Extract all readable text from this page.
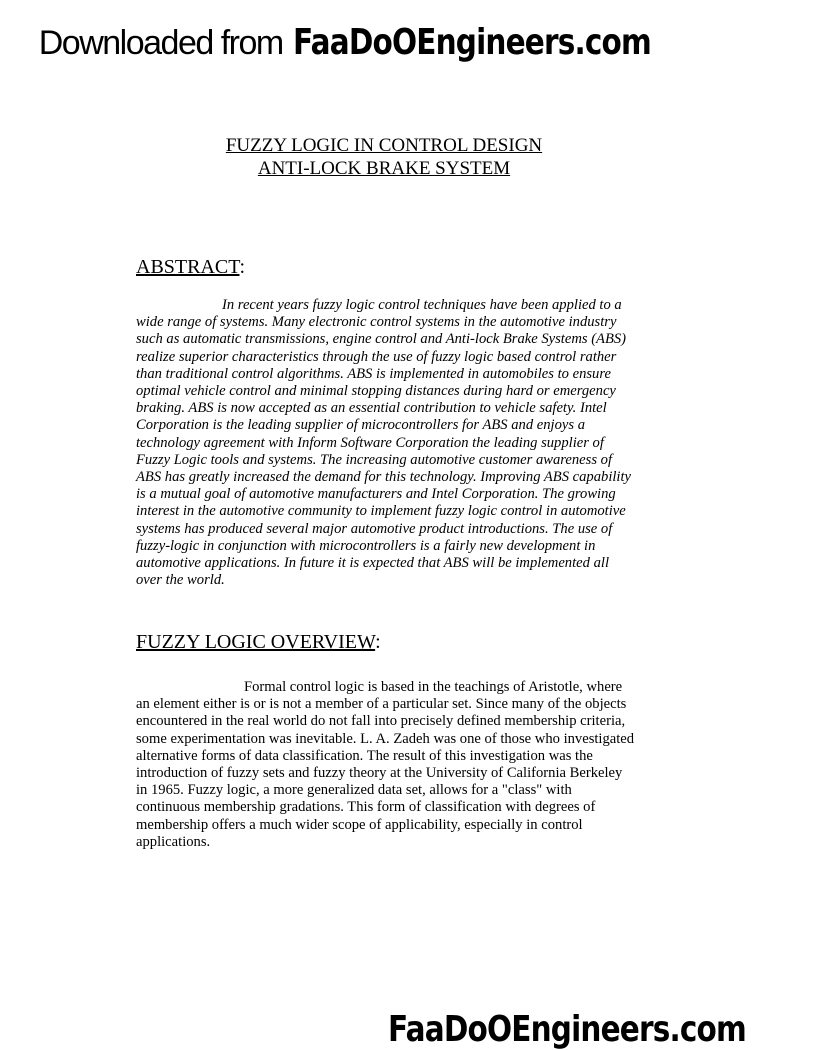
Downloaded from FaaDoOEngineers.com
FUZZY LOGIC IN CONTROL DESIGN
ANTI-LOCK BRAKE SYSTEM
ABSTRACT:

In recent years fuzzy logic control techniques have been applied to a wide range of systems. Many electronic control systems in the automotive industry such as automatic transmissions, engine control and Anti-lock Brake Systems (ABS) realize superior characteristics through the use of fuzzy logic based control rather than traditional control algorithms. ABS is implemented in automobiles to ensure optimal vehicle control and minimal stopping distances during hard or emergency braking. ABS is now accepted as an essential contribution to vehicle safety. Intel Corporation is the leading supplier of microcontrollers for ABS and enjoys a technology agreement with Inform Software Corporation the leading supplier of Fuzzy Logic tools and systems. The increasing automotive customer awareness of ABS has greatly increased the demand for this technology. Improving ABS capability is a mutual goal of automotive manufacturers and Intel Corporation. The growing interest in the automotive community to implement fuzzy logic control in automotive systems has produced several major automotive product introductions. The use of fuzzy-logic in conjunction with microcontrollers is a fairly new development in automotive applications. In future it is expected that ABS will be implemented all over the world.

FUZZY LOGIC OVERVIEW:

Formal control logic is based in the teachings of Aristotle, where an element either is or is not a member of a particular set. Since many of the objects encountered in the real world do not fall into precisely defined membership criteria, some experimentation was inevitable. L. A. Zadeh was one of those who investigated alternative forms of data classification. The result of this investigation was the introduction of fuzzy sets and fuzzy theory at the University of California Berkeley in 1965. Fuzzy logic, a more generalized data set, allows for a "class" with continuous membership gradations. This form of classification with degrees of membership offers a much wider scope of applicability, especially in control applications.

FaaDoOEngineers.com
